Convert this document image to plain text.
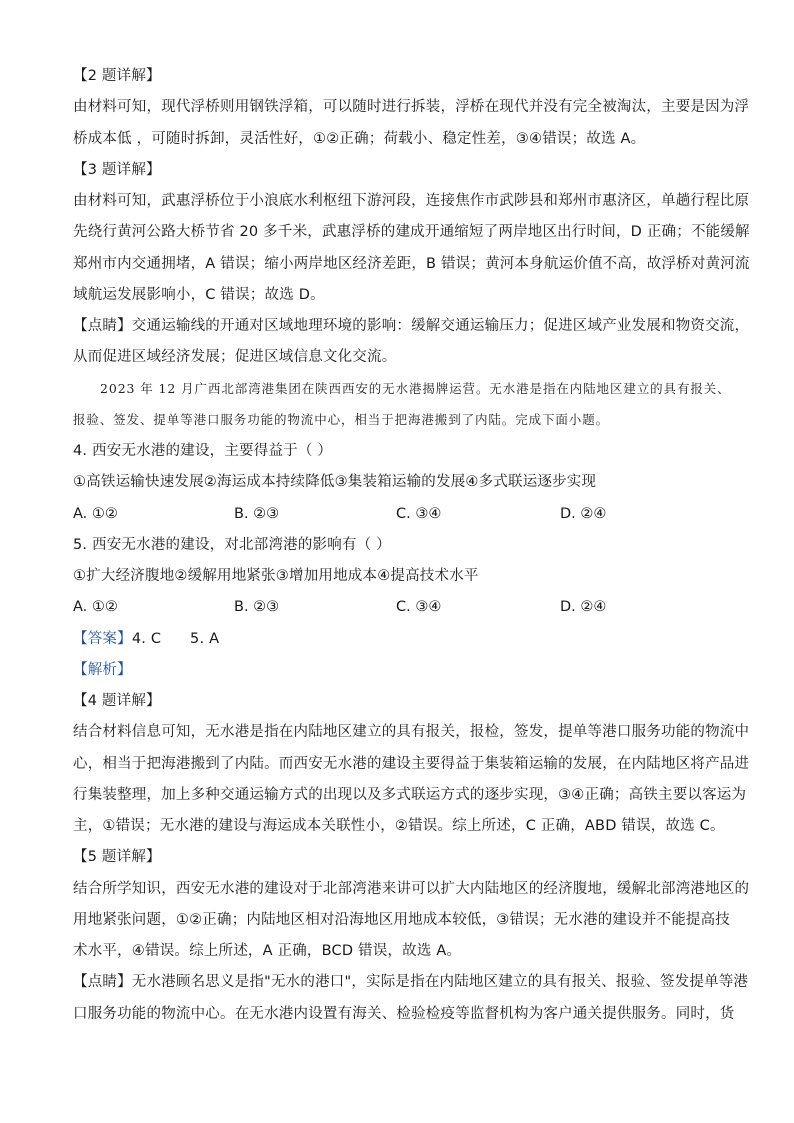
【2 题详解】
由材料可知，现代浮桥则用钢铁浮箱，可以随时进行拆装，浮桥在现代并没有完全被淘汰，主要是因为浮
桥成本低 ，可随时拆卸，灵活性好，①②正确；荷载小、稳定性差，③④错误；故选 A。
【3 题详解】
由材料可知，武惠浮桥位于小浪底水利枢纽下游河段，连接焦作市武陟县和郑州市惠济区，单趟行程比原
先绕行黄河公路大桥节省 20 多千米，武惠浮桥的建成开通缩短了两岸地区出行时间，D 正确；不能缓解
郑州市内交通拥堵，A 错误；缩小两岸地区经济差距，B 错误；黄河本身航运价值不高，故浮桥对黄河流
域航运发展影响小，C 错误；故选 D。
【点睛】交通运输线的开通对区域地理环境的影响：缓解交通运输压力；促进区域产业发展和物资交流，
从而促进区域经济发展；促进区域信息文化交流。
2023 年 12 月广西北部湾港集团在陕西西安的无水港揭牌运营。无水港是指在内陆地区建立的具有报关、
报验、签发、提单等港口服务功能的物流中心，相当于把海港搬到了内陆。完成下面小题。
4. 西安无水港的建设，主要得益于（ ）
①高铁运输快速发展②海运成本持续降低③集装箱运输的发展④多式联运逐步实现
A. ①②	B. ②③	C. ③④	D. ②④
5. 西安无水港的建设，对北部湾港的影响有（ ）
①扩大经济腹地②缓解用地紧张③增加用地成本④提高技术水平
A. ①②	B. ②③	C. ③④	D. ②④
【答案】4. C      5. A
【解析】
【4 题详解】
结合材料信息可知，无水港是指在内陆地区建立的具有报关，报检，签发，提单等港口服务功能的物流中
心，相当于把海港搬到了内陆。而西安无水港的建设主要得益于集装箱运输的发展，在内陆地区将产品进
行集装整理，加上多种交通运输方式的出现以及多式联运方式的逐步实现，③④正确；高铁主要以客运为
主，①错误；无水港的建设与海运成本关联性小，②错误。综上所述，C 正确，ABD 错误，故选 C。
【5 题详解】
结合所学知识，西安无水港的建设对于北部湾港来讲可以扩大内陆地区的经济腹地，缓解北部湾港地区的
用地紧张问题，①②正确；内陆地区相对沿海地区用地成本较低，③错误；无水港的建设并不能提高技
术水平，④错误。综上所述，A 正确，BCD 错误，故选 A。
【点睛】无水港顾名思义是指"无水的港口"，实际是指在内陆地区建立的具有报关、报验、签发提单等港
口服务功能的物流中心。在无水港内设置有海关、检验检疫等监督机构为客户通关提供服务。同时，货
